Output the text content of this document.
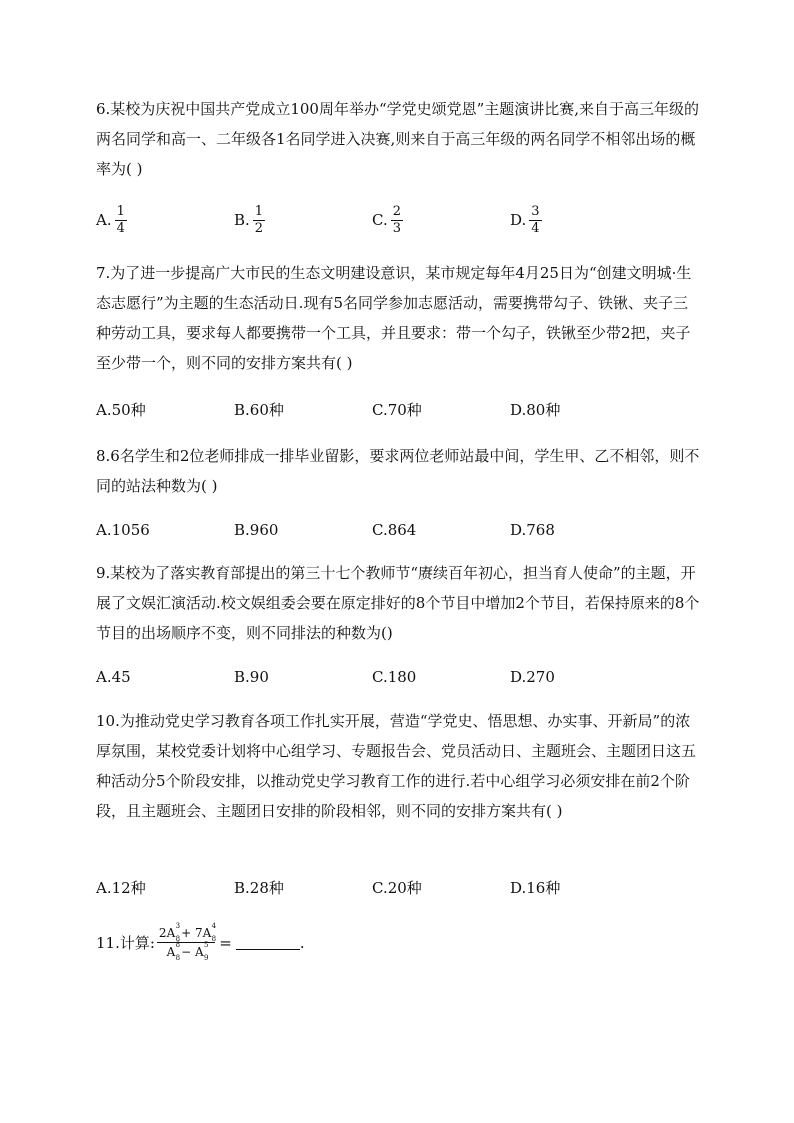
6.某校为庆祝中国共产党成立100周年举办“学党史颂党恩”主题演讲比赛,来自于高三年级的两名同学和高一、二年级各1名同学进入决赛,则来自于高三年级的两名同学不相邻出场的概率为( )

A. $\frac{1}{4}$	B. $\frac{1}{2}$	C. $\frac{2}{3}$	D. $\frac{3}{4}$

7.为了进一步提高广大市民的生态文明建设意识，某市规定每年4月25日为“创建文明城·生态志愿行”为主题的生态活动日.现有5名同学参加志愿活动，需要携带勾子、铁锹、夹子三种劳动工具，要求每人都要携带一个工具，并且要求：带一个勾子，铁锹至少带2把，夹子至少带一个，则不同的安排方案共有( )

A.50种	B.60种	C.70种	D.80种

8.6名学生和2位老师排成一排毕业留影，要求两位老师站最中间，学生甲、乙不相邻，则不同的站法种数为( )

A.1056	B.960	C.864	D.768

9.某校为了落实教育部提出的第三十七个教师节“赓续百年初心，担当育人使命”的主题，开展了文娱汇演活动.校文娱组委会要在原定排好的8个节目中增加2个节目，若保持原来的8个节目的出场顺序不变，则不同排法的种数为()

A.45	B.90	C.180	D.270

10.为推动党史学习教育各项工作扎实开展，营造“学党史、悟思想、办实事、开新局”的浓厚氛围，某校党委计划将中心组学习、专题报告会、党员活动日、主题班会、主题团日这五种活动分5个阶段安排，以推动党史学习教育工作的进行.若中心组学习必须安排在前2个阶段，且主题班会、主题团日安排的阶段相邻，则不同的安排方案共有( )

A.12种	B.28种	C.20种	D.16种
11.计算: 2A 3
8 + 7A 4
8
A 8
8 − A 5
9 =	.
